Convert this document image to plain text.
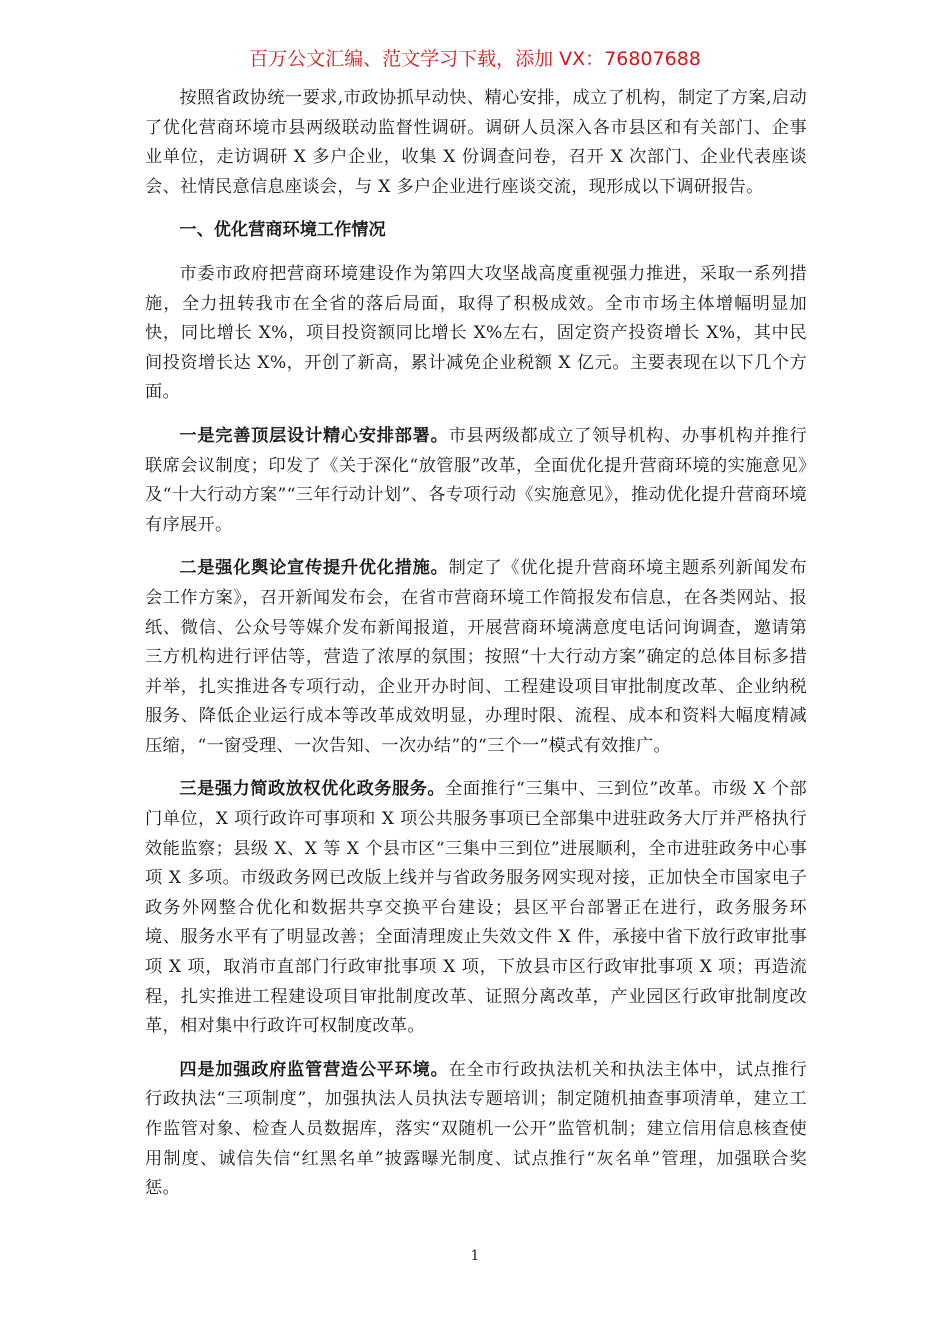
百万公文汇编、范文学习下载，添加 VX：76807688

按照省政协统一要求,市政协抓早动快、精心安排，成立了机构，制定了方案,启动了优化营商环境市县两级联动监督性调研。调研人员深入各市县区和有关部门、企事业单位，走访调研 X 多户企业，收集 X 份调查问卷，召开 X 次部门、企业代表座谈会、社情民意信息座谈会，与 X 多户企业进行座谈交流，现形成以下调研报告。

一、优化营商环境工作情况

市委市政府把营商环境建设作为第四大攻坚战高度重视强力推进，采取一系列措施，全力扭转我市在全省的落后局面，取得了积极成效。全市市场主体增幅明显加快，同比增长 X%，项目投资额同比增长 X%左右，固定资产投资增长 X%，其中民间投资增长达 X%，开创了新高，累计减免企业税额 X 亿元。主要表现在以下几个方面。

一是完善顶层设计精心安排部署。市县两级都成立了领导机构、办事机构并推行联席会议制度；印发了《关于深化“放管服”改革，全面优化提升营商环境的实施意见》及“十大行动方案”“三年行动计划”、各专项行动《实施意见》，推动优化提升营商环境有序展开。

二是强化舆论宣传提升优化措施。制定了《优化提升营商环境主题系列新闻发布会工作方案》，召开新闻发布会，在省市营商环境工作简报发布信息，在各类网站、报纸、微信、公众号等媒介发布新闻报道，开展营商环境满意度电话问询调查，邀请第三方机构进行评估等，营造了浓厚的氛围；按照“十大行动方案”确定的总体目标多措并举，扎实推进各专项行动，企业开办时间、工程建设项目审批制度改革、企业纳税服务、降低企业运行成本等改革成效明显，办理时限、流程、成本和资料大幅度精减压缩，“一窗受理、一次告知、一次办结”的“三个一”模式有效推广。

三是强力简政放权优化政务服务。全面推行“三集中、三到位”改革。市级 X 个部门单位，X 项行政许可事项和 X 项公共服务事项已全部集中进驻政务大厅并严格执行效能监察；县级 X、X 等 X 个县市区“三集中三到位”进展顺利，全市进驻政务中心事项 X 多项。市级政务网已改版上线并与省政务服务网实现对接，正加快全市国家电子政务外网整合优化和数据共享交换平台建设；县区平台部署正在进行，政务服务环境、服务水平有了明显改善；全面清理废止失效文件 X 件，承接中省下放行政审批事项 X 项，取消市直部门行政审批事项 X 项，下放县市区行政审批事项 X 项；再造流程，扎实推进工程建设项目审批制度改革、证照分离改革，产业园区行政审批制度改革，相对集中行政许可权制度改革。

四是加强政府监管营造公平环境。在全市行政执法机关和执法主体中，试点推行行政执法“三项制度”，加强执法人员执法专题培训；制定随机抽查事项清单，建立工作监管对象、检查人员数据库，落实“双随机一公开”监管机制；建立信用信息核查使用制度、诚信失信“红黑名单”披露曝光制度、试点推行“灰名单”管理，加强联合奖惩。

1
